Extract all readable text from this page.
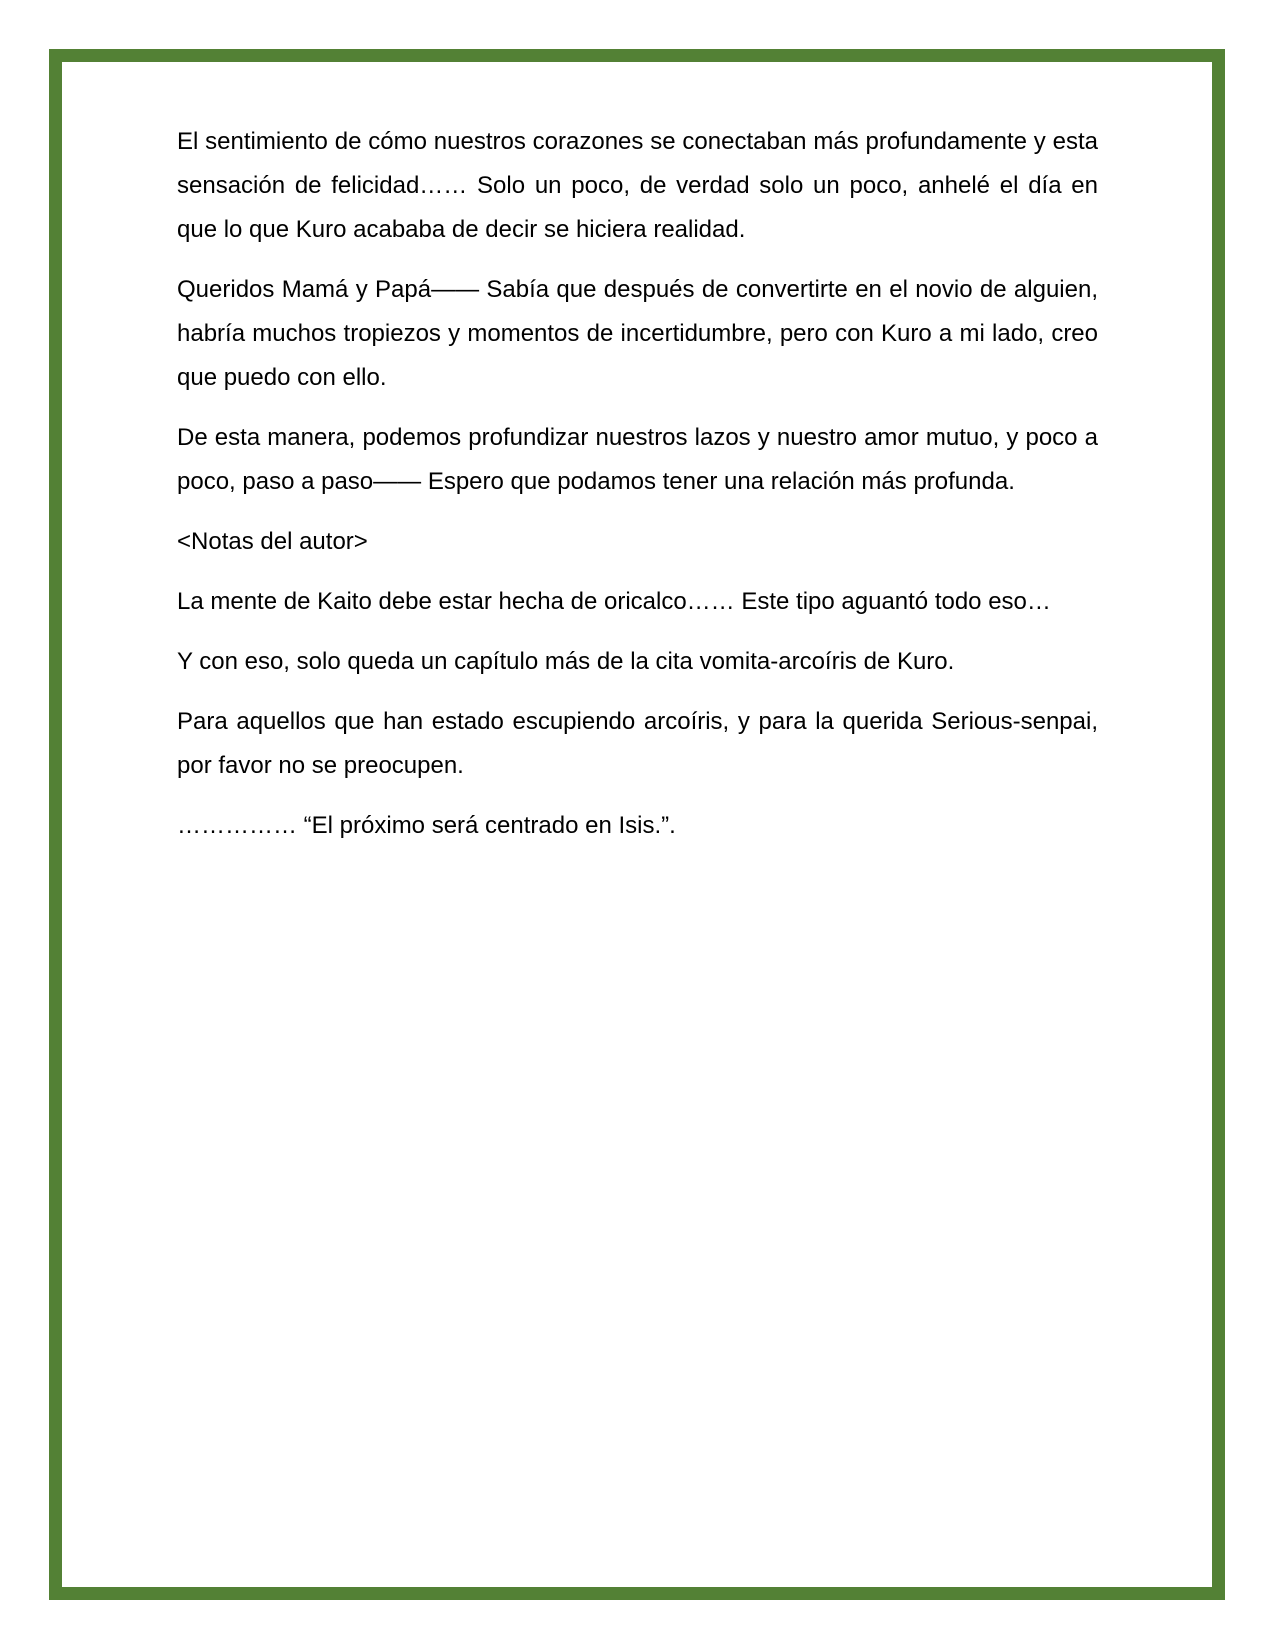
El sentimiento de cómo nuestros corazones se conectaban más profundamente y esta sensación de felicidad…… Solo un poco, de verdad solo un poco, anhelé el día en que lo que Kuro acababa de decir se hiciera realidad.

Queridos Mamá y Papá—— Sabía que después de convertirte en el novio de alguien, habría muchos tropiezos y momentos de incertidumbre, pero con Kuro a mi lado, creo que puedo con ello.

De esta manera, podemos profundizar nuestros lazos y nuestro amor mutuo, y poco a poco, paso a paso—— Espero que podamos tener una relación más profunda.

<Notas del autor>

La mente de Kaito debe estar hecha de oricalco…… Este tipo aguantó todo eso…

Y con eso, solo queda un capítulo más de la cita vomita-arcoíris de Kuro.

Para aquellos que han estado escupiendo arcoíris, y para la querida Serious-senpai, por favor no se preocupen.

…………… “El próximo será centrado en Isis.”.
